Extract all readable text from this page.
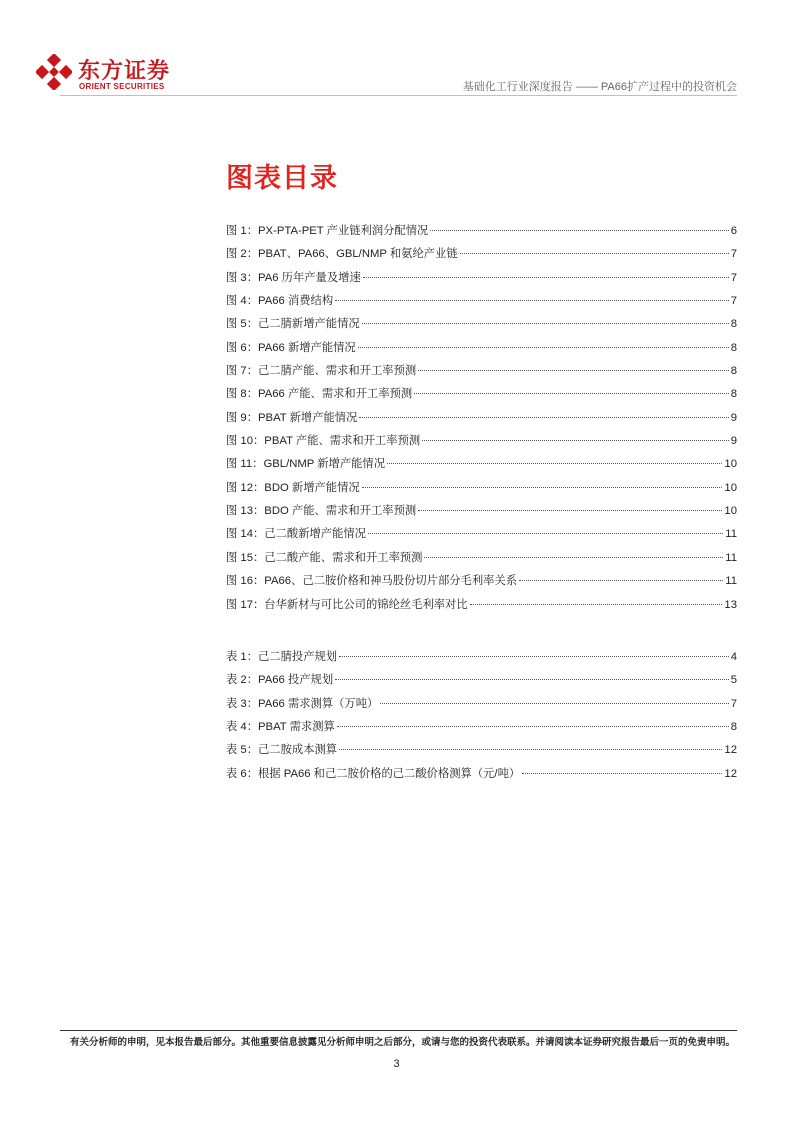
东方证券
ORIENT SECURITIES	基础化工行业深度报告 —— PA66扩产过程中的投资机会
图表目录
图 1：PX-PTA-PET 产业链利润分配情况	6
图 2：PBAT、PA66、GBL/NMP 和氨纶产业链	7
图 3：PA6 历年产量及增速	7
图 4：PA66 消费结构	7
图 5：己二腈新增产能情况	8
图 6：PA66 新增产能情况	8
图 7：己二腈产能、需求和开工率预测	8
图 8：PA66 产能、需求和开工率预测	8
图 9：PBAT 新增产能情况	9
图 10：PBAT 产能、需求和开工率预测	9
图 11：GBL/NMP 新增产能情况	10
图 12：BDO 新增产能情况	10
图 13：BDO 产能、需求和开工率预测	10
图 14：己二酸新增产能情况	11
图 15：己二酸产能、需求和开工率预测	11
图 16：PA66、己二胺价格和神马股份切片部分毛利率关系	11
图 17：台华新材与可比公司的锦纶丝毛利率对比	13
表 1：己二腈投产规划	4
表 2：PA66 投产规划	5
表 3：PA66 需求测算（万吨）	7
表 4：PBAT 需求测算	8
表 5：己二胺成本测算	12
表 6：根据 PA66 和己二胺价格的己二酸价格测算（元/吨）	12
有关分析师的申明，见本报告最后部分。其他重要信息披露见分析师申明之后部分，或请与您的投资代表联系。并请阅读本证券研究报告最后一页的免责申明。
3
